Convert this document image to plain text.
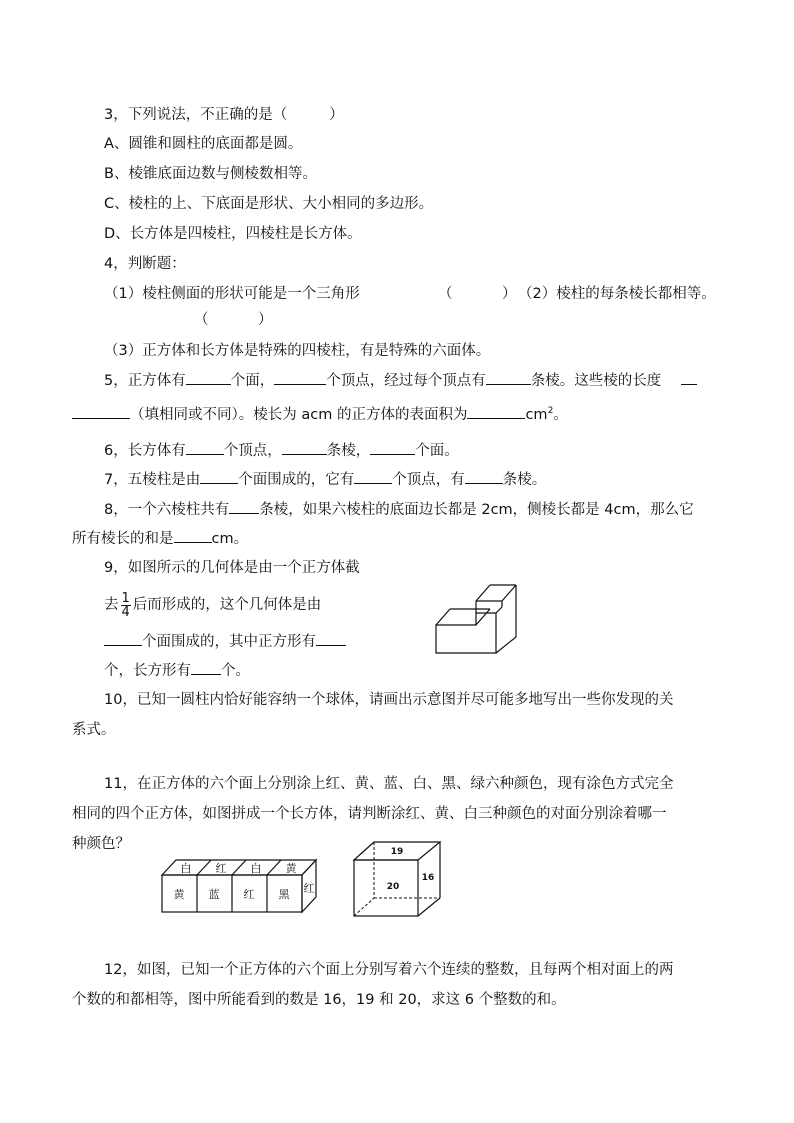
3，下列说法，不正确的是（	）
A、圆锥和圆柱的底面都是圆。
B、棱锥底面边数与侧棱数相等。
C、棱柱的上、下底面是形状、大小相同的多边形。
D、长方体是四棱柱，四棱柱是长方体。
4，判断题：
（1）棱柱侧面的形状可能是一个三角形	（	） （2）棱柱的每条棱长都相等。
（	）
（3）正方体和长方体是特殊的四棱柱，有是特殊的六面体。
5，正方体有	个面，	个顶点，经过每个顶点有	条棱。这些棱的长度
（填相同或不同）。棱长为 acm 的正方体的表面积为	$cm^2$。
6，长方体有	个顶点，	条棱，	个面。
7，五棱柱是由	个面围成的，它有	个顶点，有	条棱。
8，一个六棱柱共有 条棱，如果六棱柱的底面边长都是 2cm，侧棱长都是 4cm，那么它
所有棱长的和是	cm。
9，如图所示的几何体是由一个正方体截
去 $\frac{1}{4}$ 后而形成的，这个几何体是由
个面围成的，其中正方形有
个，长方形有 个。
10，已知一圆柱内恰好能容纳一个球体，请画出示意图并尽可能多地写出一些你发现的关
系式。
11，在正方体的六个面上分别涂上红、黄、蓝、白、黑、绿六种颜色，现有涂色方式完全
相同的四个正方体，如图拼成一个长方体，请判断涂红、黄、白三种颜色的对面分别涂着哪一
种颜色？
白 红 白 黄
黄 蓝 红 黑 红
19
20
16
12，如图，已知一个正方体的六个面上分别写着六个连续的整数，且每两个相对面上的两
个数的和都相等，图中所能看到的数是 16，19 和 20，求这 6 个整数的和。
